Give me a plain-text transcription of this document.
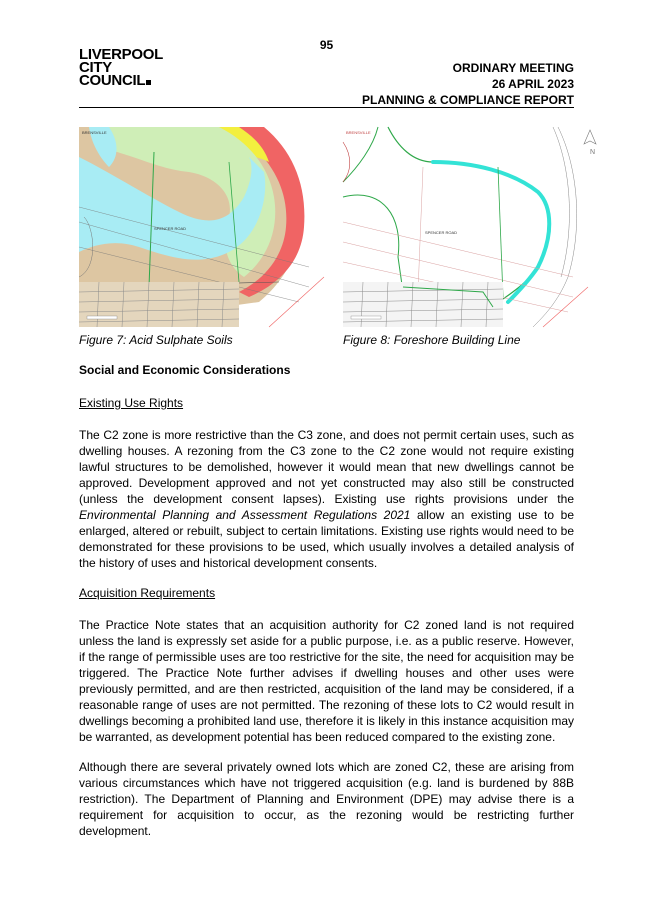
95
LIVERPOOL
CITY
COUNCIL
ORDINARY MEETING
26 APRIL 2023
PLANNING & COMPLIANCE REPORT
SPENCER ROAD
BRENSVILLE
SPENCER ROAD
BRENSVILLE
N
Figure 7: Acid Sulphate Soils	Figure 8: Foreshore Building Line
Social and Economic Considerations
Existing Use Rights
The C2 zone is more restrictive than the C3 zone, and does not permit certain uses, such as dwelling houses. A rezoning from the C3 zone to the C2 zone would not require existing lawful structures to be demolished, however it would mean that new dwellings cannot be approved. Development approved and not yet constructed may also still be constructed (unless the development consent lapses). Existing use rights provisions under the Environmental Planning and Assessment Regulations 2021 allow an existing use to be enlarged, altered or rebuilt, subject to certain limitations. Existing use rights would need to be demonstrated for these provisions to be used, which usually involves a detailed analysis of the history of uses and historical development consents.
Acquisition Requirements
The Practice Note states that an acquisition authority for C2 zoned land is not required unless the land is expressly set aside for a public purpose, i.e. as a public reserve. However, if the range of permissible uses are too restrictive for the site, the need for acquisition may be triggered. The Practice Note further advises if dwelling houses and other uses were previously permitted, and are then restricted, acquisition of the land may be considered, if a reasonable range of uses are not permitted. The rezoning of these lots to C2 would result in dwellings becoming a prohibited land use, therefore it is likely in this instance acquisition may be warranted, as development potential has been reduced compared to the existing zone.
Although there are several privately owned lots which are zoned C2, these are arising from various circumstances which have not triggered acquisition (e.g. land is burdened by 88B restriction). The Department of Planning and Environment (DPE) may advise there is a requirement for acquisition to occur, as the rezoning would be restricting further development.
